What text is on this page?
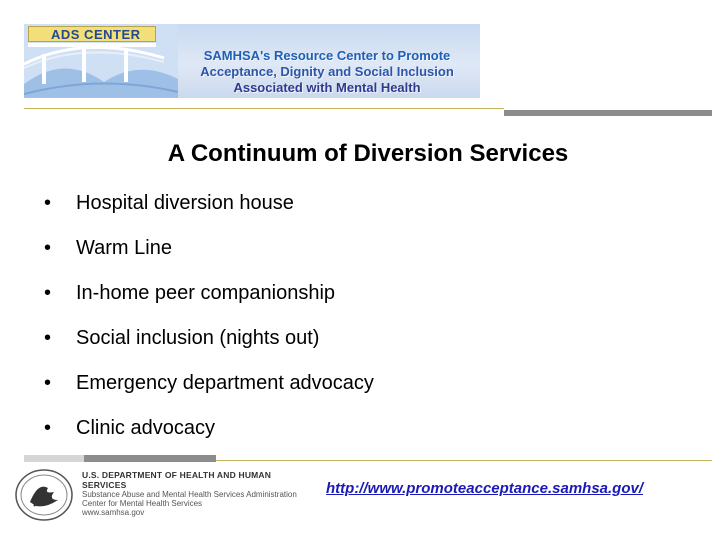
ADS CENTER
SAMHSA's Resource Center to Promote
Acceptance, Dignity and Social Inclusion
Associated with Mental Health
A Continuum of Diversion Services
•	Hospital diversion house
•	Warm Line
•	In-home peer companionship
•	Social inclusion (nights out)
•	Emergency department advocacy
•	Clinic advocacy
U.S. DEPARTMENT OF HEALTH AND HUMAN SERVICES
Substance Abuse and Mental Health Services Administration
Center for Mental Health Services
www.samhsa.gov
http://www.promoteacceptance.samhsa.gov/
